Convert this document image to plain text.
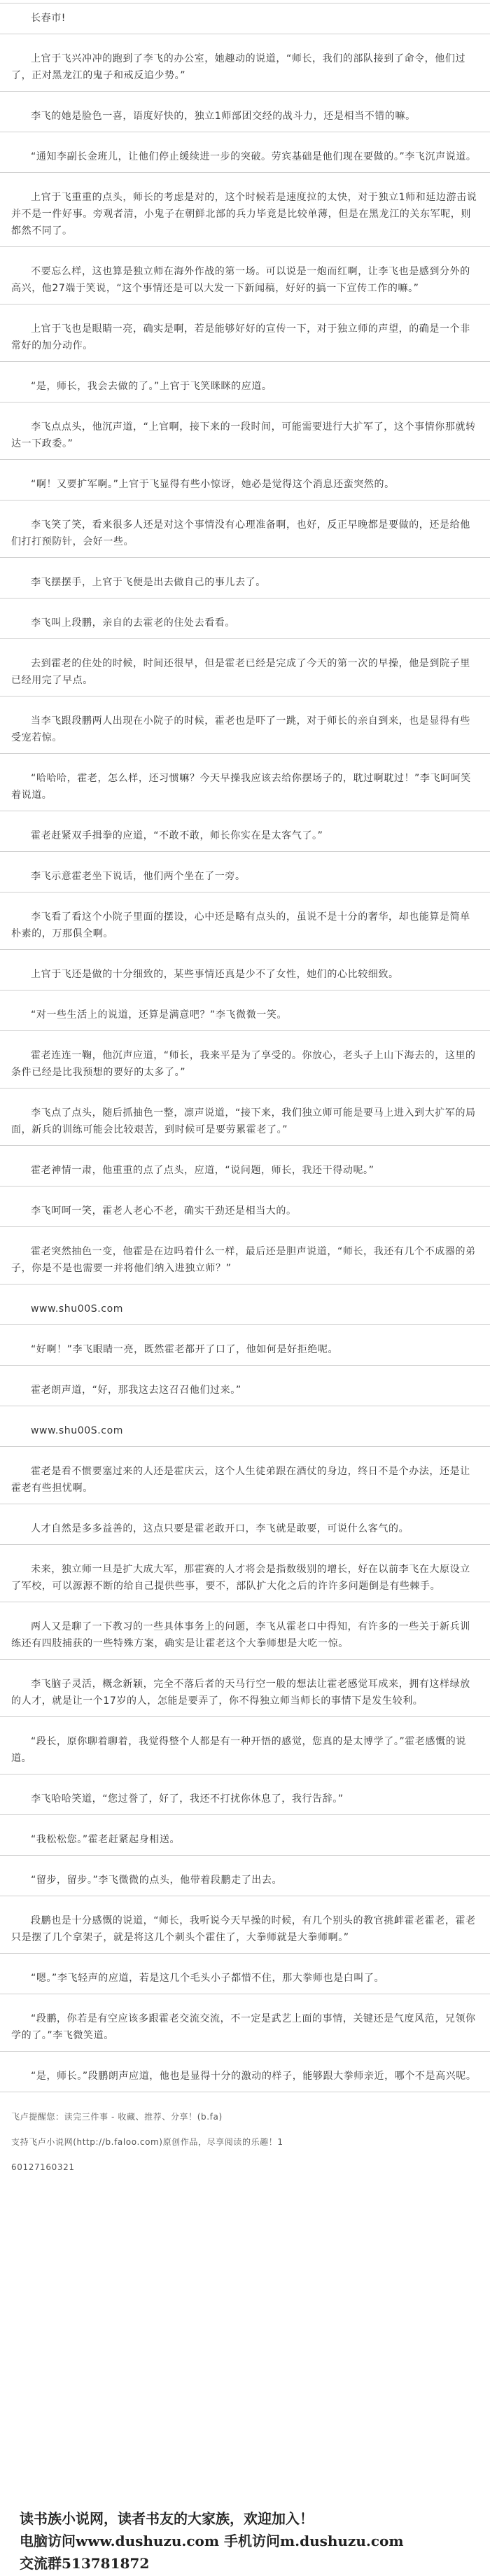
长春市!
上官于飞兴冲冲的跑到了李飞的办公室，她趣动的说道，“师长，我们的部队接到了命令，他们过了，正对黑龙江的鬼子和戒反追少势。”
李飞的她是脸色一喜，语度好快的，独立1师部团交经的战斗力，还是相当不错的嘛。
“通知李副长金班儿，让他们停止缓续进一步的突破。劳宾基础是他们现在要做的。”李飞沉声说道。
上官于飞重重的点头，师长的考虑是对的，这个时候若是速度拉的太快，对于独立1师和延边游击说并不是一件好事。旁观者清，小鬼子在朝鲜北部的兵力毕竟是比较单薄，但是在黑龙江的关东军呢，则都然不同了。
不要忘么样，这也算是独立师在海外作战的第一场。可以说是一炮而红啊，让李飞也是感到分外的高兴，他27端于笑说，“这个事情还是可以大发一下新闻稿，好好的搞一下宣传工作的嘛。”
上官于飞也是眼睛一亮，确实是啊，若是能够好好的宣传一下，对于独立师的声望，的确是一个非常好的加分动作。
“是，师长，我会去做的了。”上官于飞笑眯眯的应道。
李飞点点头，他沉声道，“上官啊，接下来的一段时间，可能需要进行大扩军了，这个事情你那就转达一下政委。”
“啊！又要扩军啊。”上官于飞显得有些小惊讶，她必是觉得这个消息还蛮突然的。
李飞笑了笑，看来很多人还是对这个事情没有心理准备啊，也好，反正早晚都是要做的，还是给他们打打预防针，会好一些。
李飞摆摆手，上官于飞便是出去做自己的事儿去了。
李飞叫上段鹏，亲自的去霍老的住处去看看。
去到霍老的住处的时候，时间还很早，但是霍老已经是完成了今天的第一次的早操，他是到院子里已经用完了早点。
当李飞跟段鹏两人出现在小院子的时候，霍老也是吓了一跳，对于师长的亲自到来，也是显得有些受宠若惊。
“哈哈哈，霍老，怎么样，还习惯嘛？今天早操我应该去给你摆场子的，耽过啊耽过！”李飞呵呵笑着说道。
霍老赶紧双手揖拳的应道，“不敢不敢，师长你实在是太客气了。”
李飞示意霍老坐下说话，他们两个坐在了一旁。
李飞看了看这个小院子里面的摆设，心中还是略有点头的，虽说不是十分的奢华，却也能算是简单朴素的，万那俱全啊。
上官于飞还是做的十分细致的，某些事情还真是少不了女性，她们的心比较细致。
“对一些生活上的说道，还算是满意吧？”李飞微微一笑。
霍老连连一鞠，他沉声应道，“师长，我来平是为了享受的。你放心，老头子上山下海去的，这里的条件已经是比我预想的要好的太多了。”
李飞点了点头，随后抓抽色一整，凛声说道，“接下来，我们独立师可能是要马上进入到大扩军的局面，新兵的训练可能会比较艰苦，到时候可是要劳累霍老了。”
霍老神情一肃，他重重的点了点头，应道，“说问题，师长，我还干得动呢。”
李飞呵呵一笑，霍老人老心不老，确实干劲还是相当大的。
霍老突然抽色一变，他霍是在边吗着什么一样，最后还是胆声说道，“师长，我还有几个不成器的弟子，你是不是也需要一并将他们纳入进独立师？”
www.shu00S.com
“好啊！”李飞眼睛一亮，既然霍老都开了口了，他如何是好拒绝呢。
霍老朗声道，“好，那我这去这召召他们过来。”
www.shu00S.com
霍老是看不惯要塞过来的人还是霍庆云，这个人生徒弟跟在酒仗的身边，终日不是个办法，还是让霍老有些担忧啊。
人才自然是多多益善的，这点只要是霍老敢开口，李飞就是敢要，可说什么客气的。
未来，独立师一旦是扩大成大军，那霍赛的人才将会是指数级别的增长，好在以前李飞在大原设立了军校，可以源源不断的给自己提供些事，要不，部队扩大化之后的许许多问题倒是有些棘手。
两人又是聊了一下教习的一些具体事务上的问题，李飞从霍老口中得知，有许多的一些关于新兵训练还有四肢捕获的一些特殊方案，确实是让霍老这个大拳师想是大吃一惊。
李飞脑子灵活，概念新颖，完全不落后者的天马行空一般的想法让霍老感觉耳成来，拥有这样绿放的人才，就是让一个17岁的人，怎能是要弄了，你不得独立师当师长的事情下是发生较利。
“段长，原你聊着聊着，我觉得整个人都是有一种开悟的感觉，您真的是太博学了。”霍老感慨的说道。
李飞哈哈笑道，“您过誉了，好了，我还不打扰你休息了，我行告辞。”
“我松松您。”霍老赶紧起身相送。
“留步，留步。”李飞微微的点头，他带着段鹏走了出去。
段鹏也是十分感慨的说道，“师长，我听说今天早操的时候，有几个别头的教官挑衅霍老霍老，霍老只是摆了几个拿架子，就是将这几个刺头个霍住了，大拳师就是大拳师啊。”
“嗯。”李飞轻声的应道，若是这几个毛头小子都惜不住，那大拳师也是白叫了。
“段鹏，你若是有空应该多跟霍老交流交流，不一定是武艺上面的事情，关键还是气度风范，兄领你学的了。”李飞微笑道。
“是，师长。”段鹏朗声应道，他也是显得十分的激动的样子，能够跟大拳师亲近，哪个不是高兴呢。
飞卢提醒您：读完三件事 - 收藏、推荐、分享！(b.fa)
支持飞卢小说网(http://b.faloo.com)原创作品，尽享阅读的乐趣！1
60127160321
读书族小说网，读者书友的大家族，欢迎加入！
电脑访问www.dushuzu.com 手机访问m.dushuzu.com
交流群513781872
